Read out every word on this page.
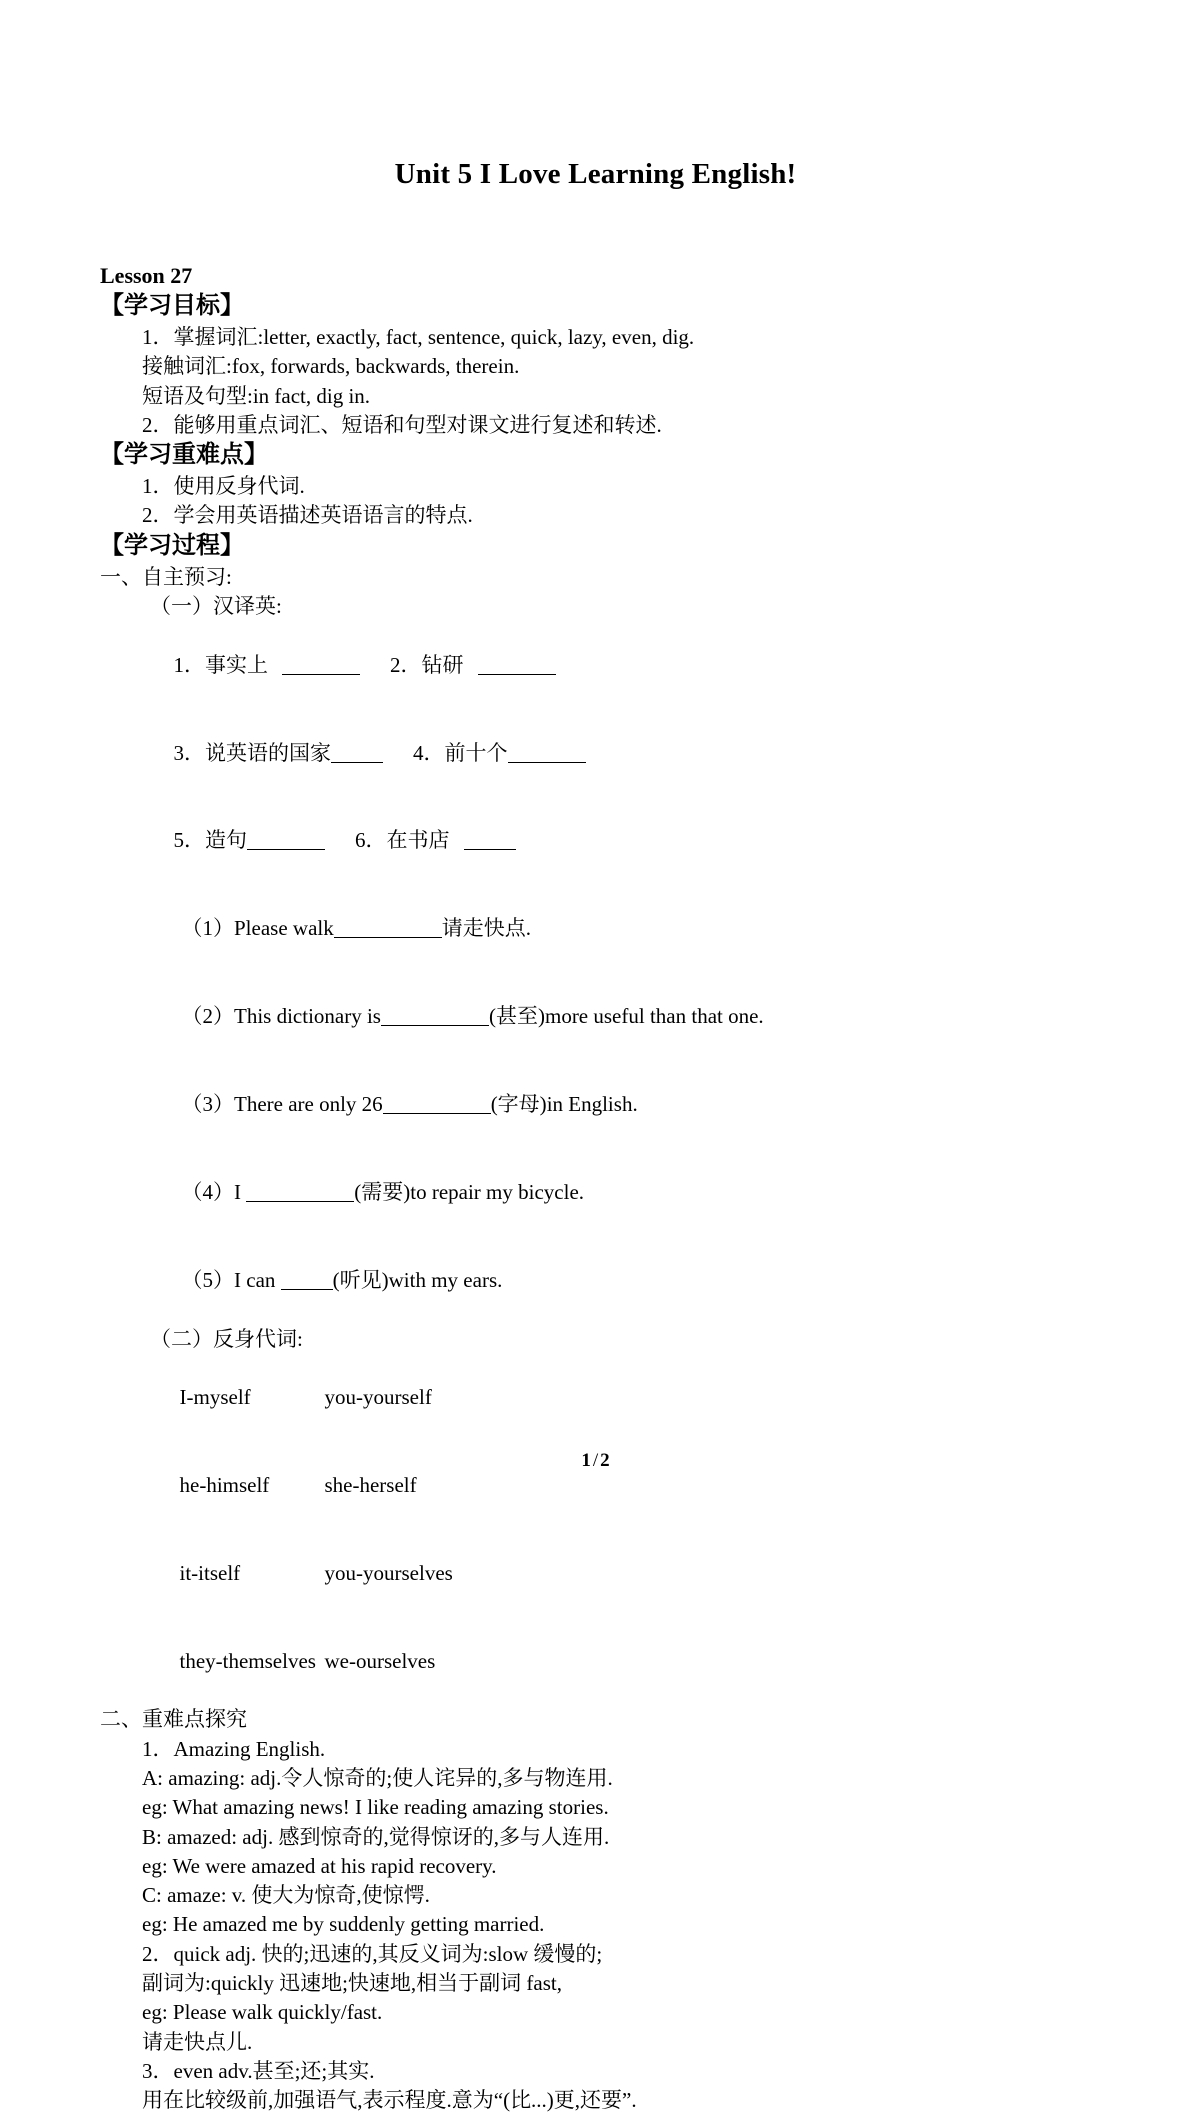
Unit 5 I Love Learning English!
Lesson 27
【学习目标】
1．掌握词汇:letter, exactly, fact, sentence, quick, lazy, even, dig.
接触词汇:fox, forwards, backwards, therein.
短语及句型:in fact, dig in.
2．能够用重点词汇、短语和句型对课文进行复述和转述.
【学习重难点】
1．使用反身代词.
2．学会用英语描述英语语言的特点.
【学习过程】
一、自主预习:
（一）汉译英:

1．事实上	2．钻研

3．说英语的国家	4．前十个

5．造句	6．在书店

（1）Please walk	请走快点.

（2）This dictionary is	(甚至)more useful than that one.

（3）There are only 26	(字母)in English.

（4）I	(需要)to repair my bicycle.

（5）I can (听见)with my ears.

（二）反身代词:

I-myself	you-yourself

he-himself	she-herself

it-itself	you-yourselves

they-themselves we-ourselves

二、重难点探究
1．Amazing English.
A: amazing: adj.令人惊奇的;使人诧异的,多与物连用.
eg: What amazing news! I like reading amazing stories.
B: amazed: adj. 感到惊奇的,觉得惊讶的,多与人连用.
eg: We were amazed at his rapid recovery.
C: amaze: v. 使大为惊奇,使惊愕.
eg: He amazed me by suddenly getting married.
2．quick adj. 快的;迅速的,其反义词为:slow 缓慢的;
副词为:quickly 迅速地;快速地,相当于副词 fast,
eg: Please walk quickly/fast.
请走快点儿.
3．even adv.甚至;还;其实.
用在比较级前,加强语气,表示程度.意为“(比...)更,还要”.
1 / 2
